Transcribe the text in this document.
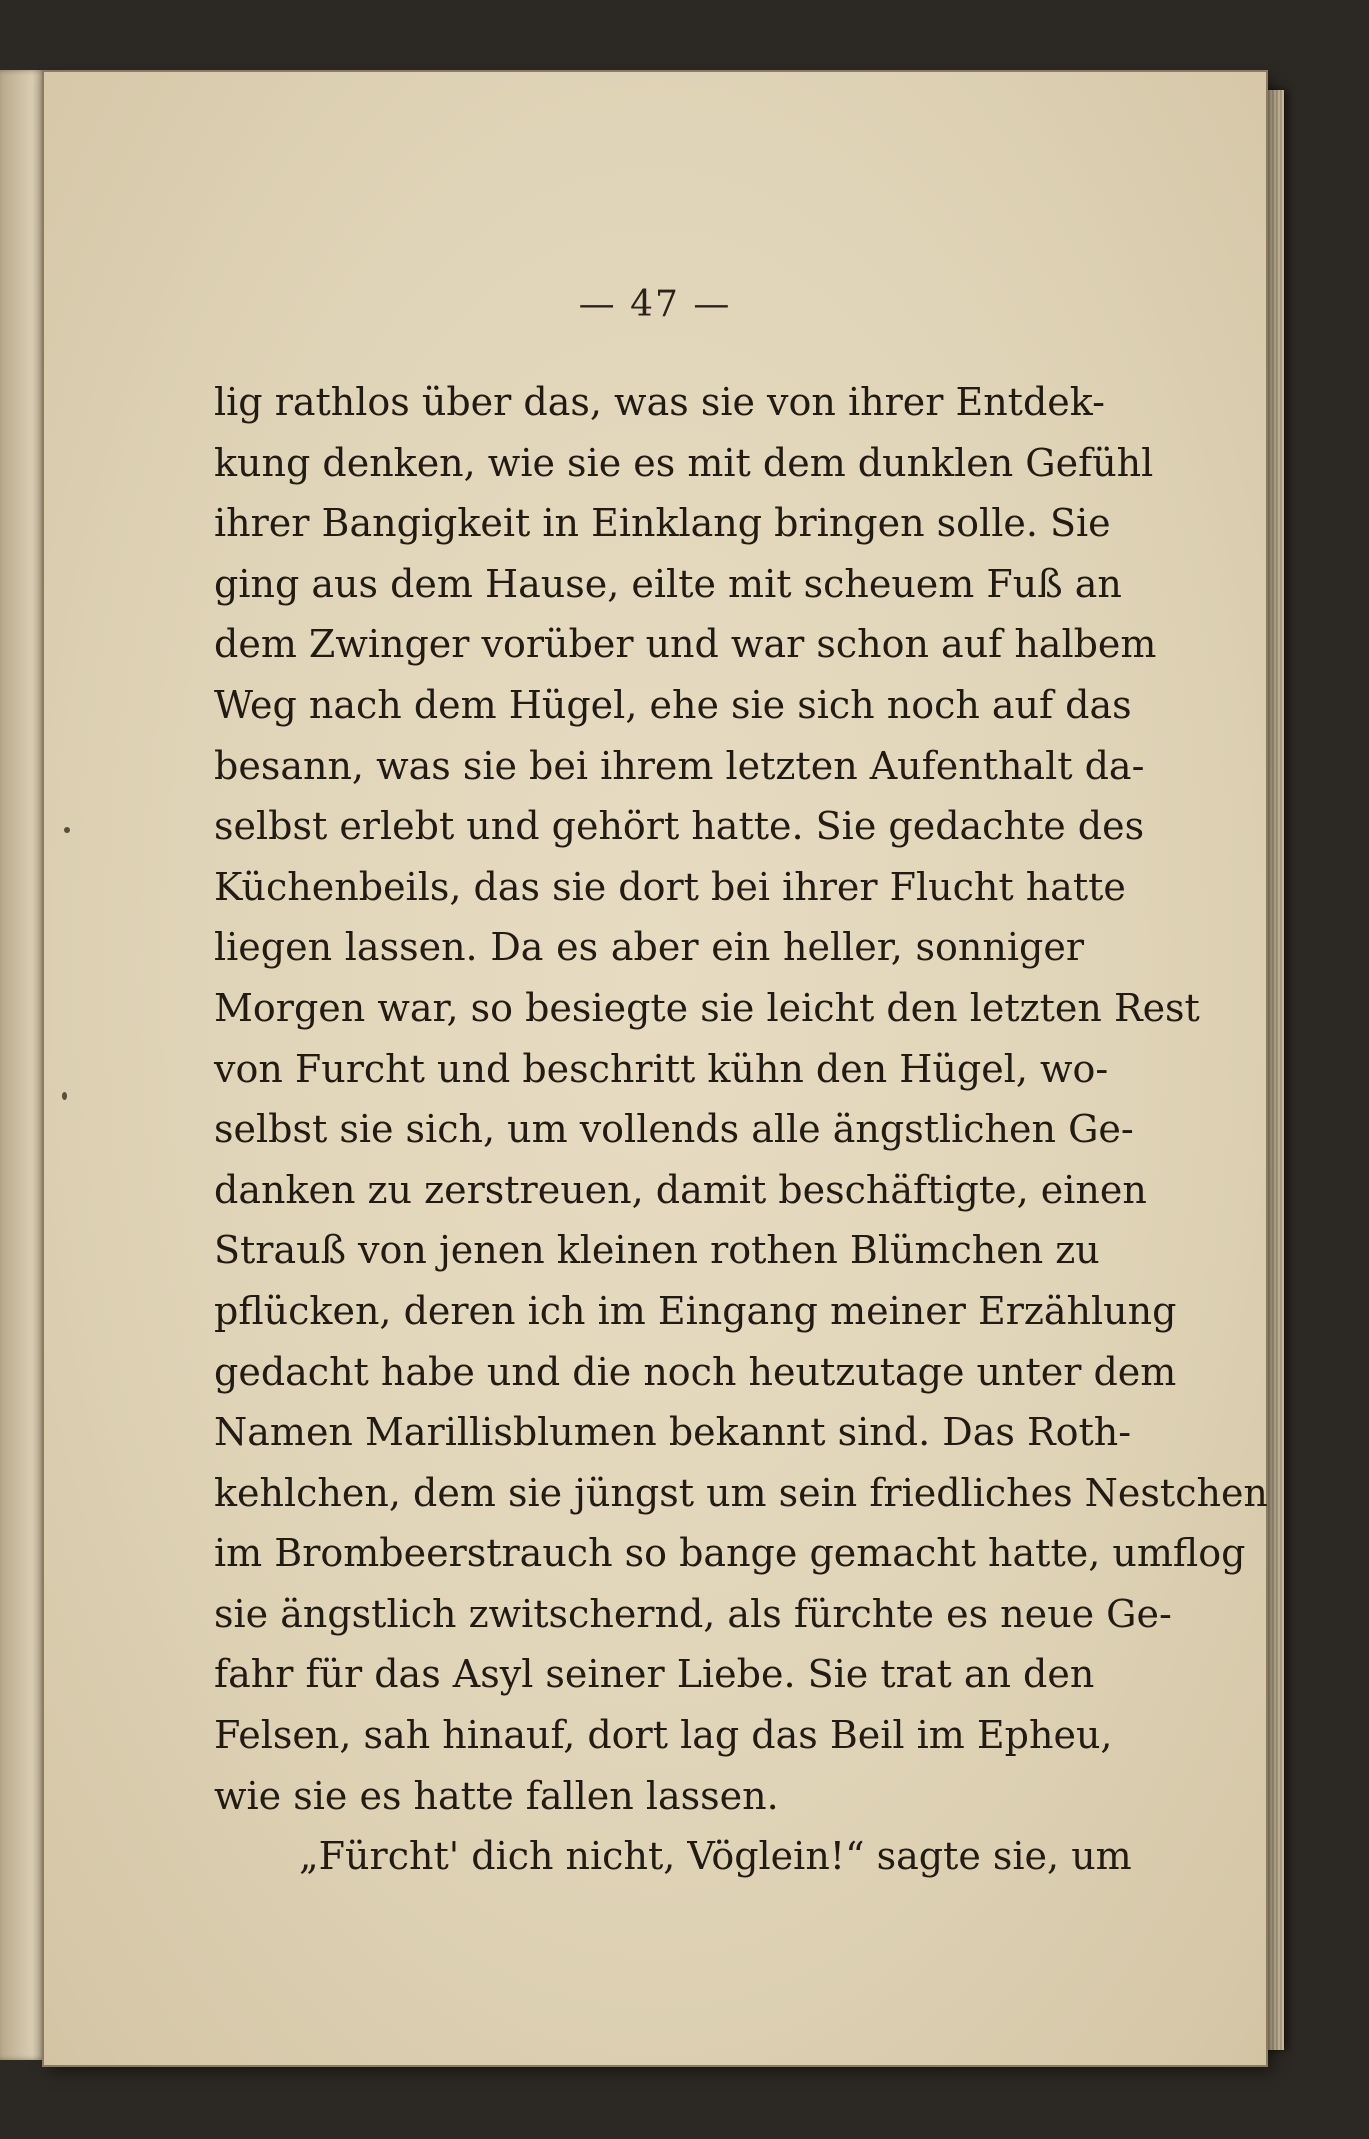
— 47 —
lig rathlos über das, was sie von ihrer Entdek-
kung denken, wie sie es mit dem dunklen Gefühl
ihrer Bangigkeit in Einklang bringen solle. Sie
ging aus dem Hause, eilte mit scheuem Fuß an
dem Zwinger vorüber und war schon auf halbem
Weg nach dem Hügel, ehe sie sich noch auf das
besann, was sie bei ihrem letzten Aufenthalt da-
selbst erlebt und gehört hatte. Sie gedachte des
Küchenbeils, das sie dort bei ihrer Flucht hatte
liegen lassen. Da es aber ein heller, sonniger
Morgen war, so besiegte sie leicht den letzten Rest
von Furcht und beschritt kühn den Hügel, wo-
selbst sie sich, um vollends alle ängstlichen Ge-
danken zu zerstreuen, damit beschäftigte, einen
Strauß von jenen kleinen rothen Blümchen zu
pflücken, deren ich im Eingang meiner Erzählung
gedacht habe und die noch heutzutage unter dem
Namen Marillisblumen bekannt sind. Das Roth-
kehlchen, dem sie jüngst um sein friedliches Nestchen
im Brombeerstrauch so bange gemacht hatte, umflog
sie ängstlich zwitschernd, als fürchte es neue Ge-
fahr für das Asyl seiner Liebe. Sie trat an den
Felsen, sah hinauf, dort lag das Beil im Epheu,
wie sie es hatte fallen lassen.
„Fürcht' dich nicht, Vöglein!“ sagte sie, um
